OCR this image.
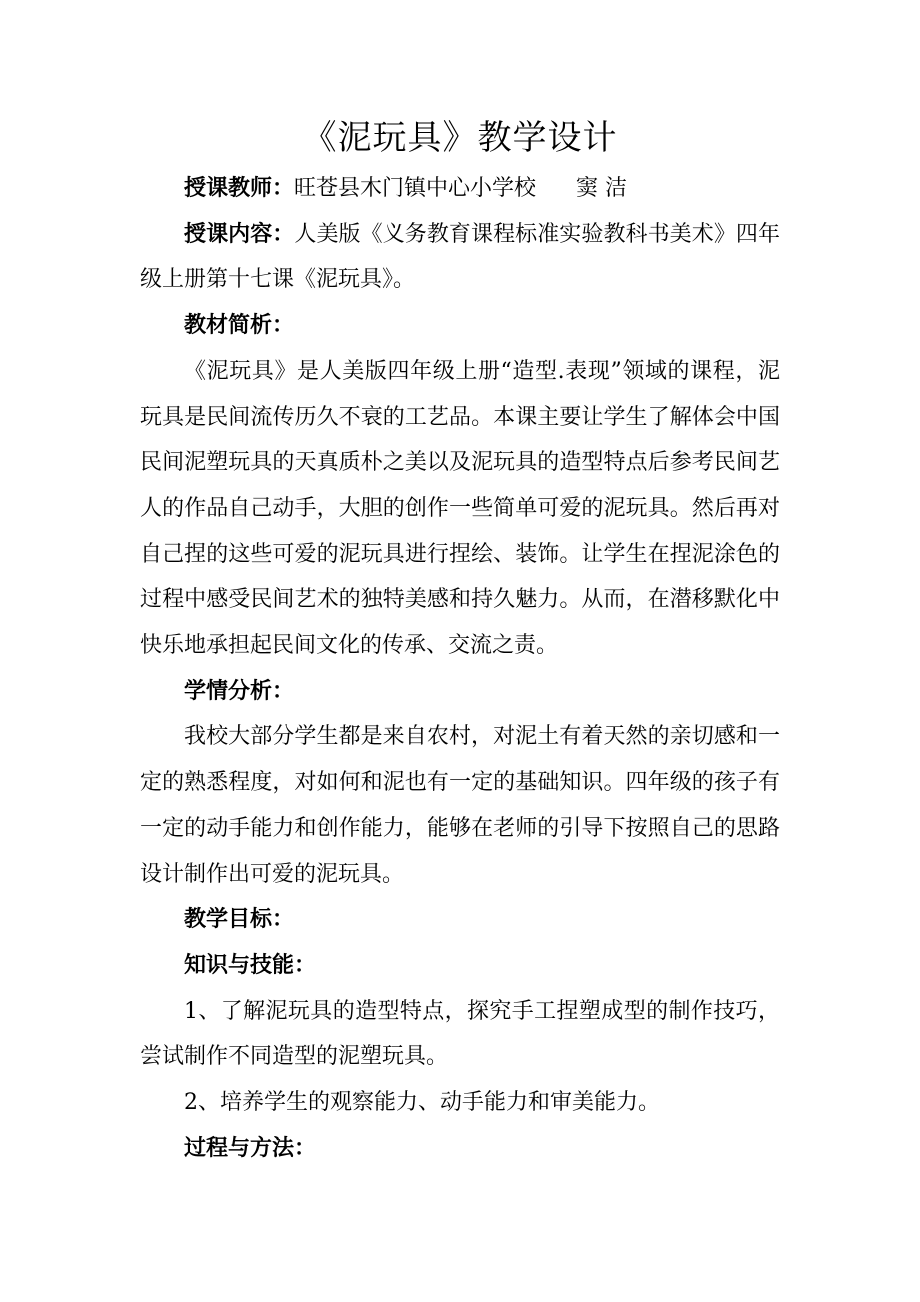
《泥玩具》教学设计

授课教师：旺苍县木门镇中心小学校 窦 洁

授课内容：人美版《义务教育课程标准实验教科书美术》四年级上册第十七课《泥玩具》。

教材简析：

《泥玩具》是人美版四年级上册“造型.表现”领域的课程，泥玩具是民间流传历久不衰的工艺品。本课主要让学生了解体会中国民间泥塑玩具的天真质朴之美以及泥玩具的造型特点后参考民间艺人的作品自己动手，大胆的创作一些简单可爱的泥玩具。然后再对自己捏的这些可爱的泥玩具进行捏绘、装饰。让学生在捏泥涂色的过程中感受民间艺术的独特美感和持久魅力。从而，在潜移默化中快乐地承担起民间文化的传承、交流之责。

学情分析：

我校大部分学生都是来自农村，对泥土有着天然的亲切感和一定的熟悉程度，对如何和泥也有一定的基础知识。四年级的孩子有一定的动手能力和创作能力，能够在老师的引导下按照自己的思路设计制作出可爱的泥玩具。

教学目标：

知识与技能：

1、了解泥玩具的造型特点，探究手工捏塑成型的制作技巧，尝试制作不同造型的泥塑玩具。

2、培养学生的观察能力、动手能力和审美能力。

过程与方法：
